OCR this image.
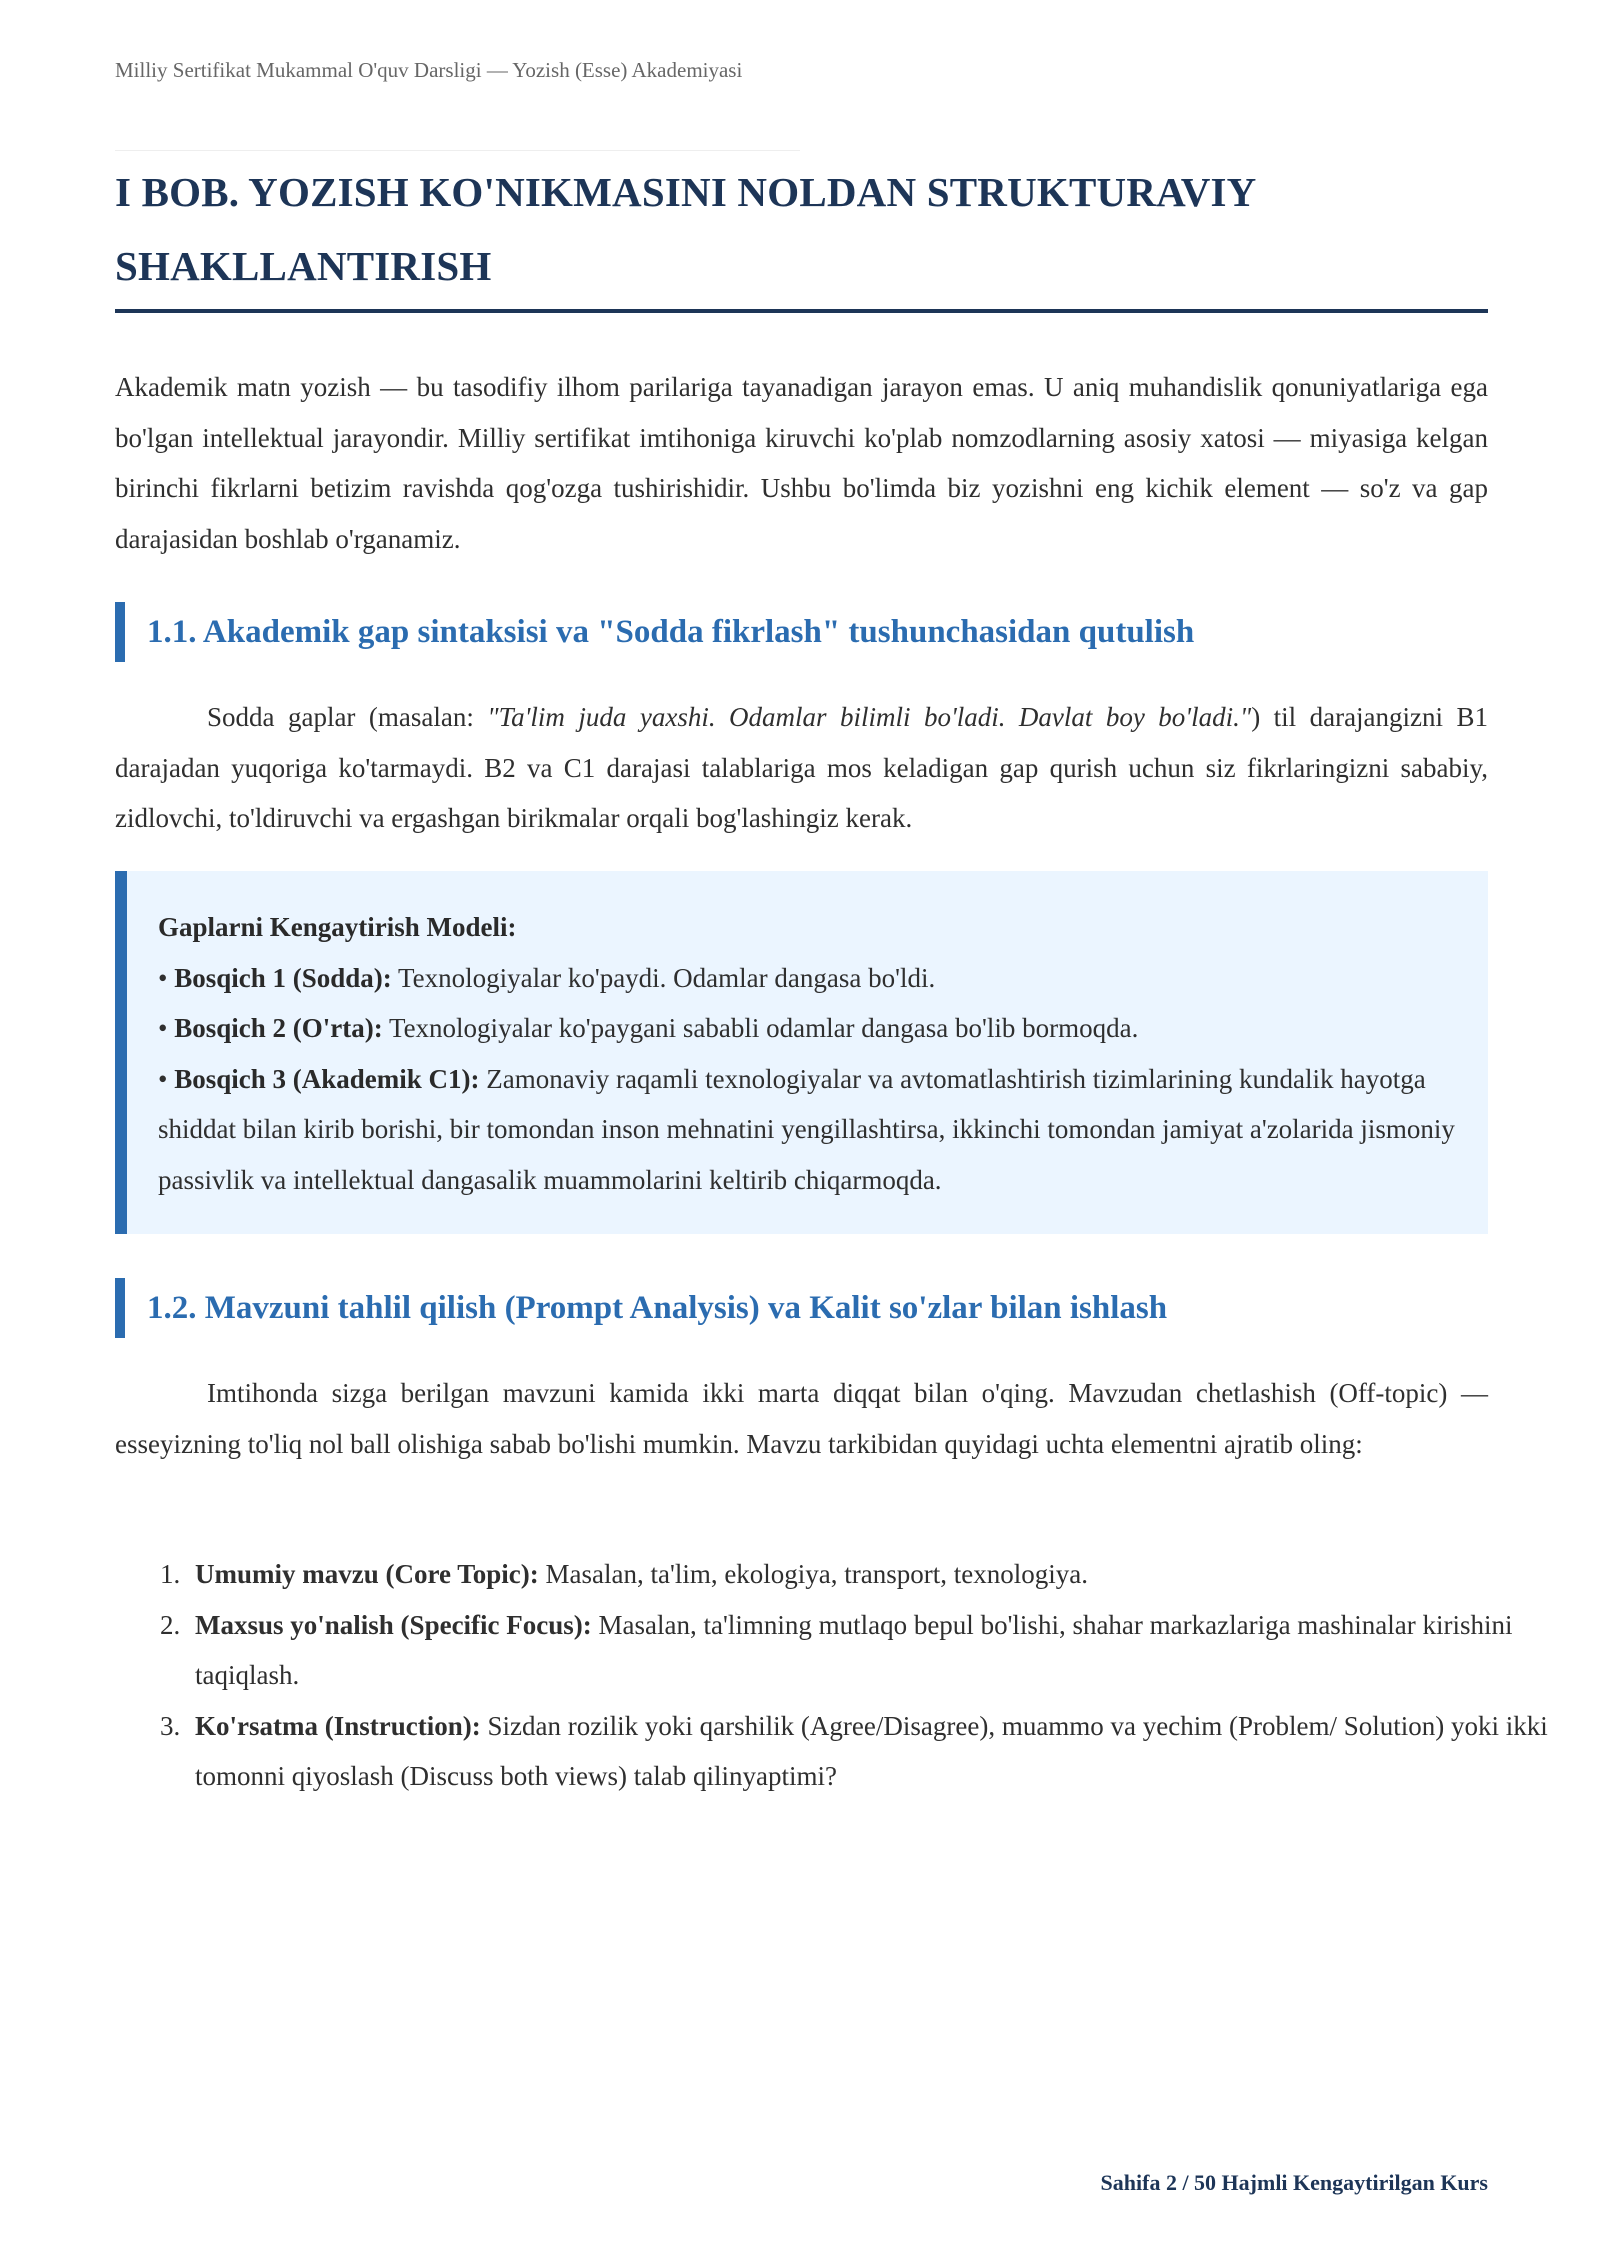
Milliy Sertifikat Mukammal O'quv Darsligi — Yozish (Esse) Akademiyasi
I BOB. YOZISH KO'NIKMASINI NOLDAN STRUKTURAVIY SHAKLLANTIRISH

Akademik matn yozish — bu tasodifiy ilhom parilariga tayanadigan jarayon emas. U aniq muhandislik qonuniyatlariga ega bo'lgan intellektual jarayondir. Milliy sertifikat imtihoniga kiruvchi ko'plab nomzodlarning asosiy xatosi — miyasiga kelgan birinchi fikrlarni betizim ravishda qog'ozga tushirishidir. Ushbu bo'limda biz yozishni eng kichik element — so'z va gap darajasidan boshlab o'rganamiz.

1.1. Akademik gap sintaksisi va "Sodda fikrlash" tushunchasidan qutulish

Sodda gaplar (masalan: "Ta'lim juda yaxshi. Odamlar bilimli bo'ladi. Davlat boy bo'ladi.") til darajangizni B1 darajadan yuqoriga ko'tarmaydi. B2 va C1 darajasi talablariga mos keladigan gap qurish uchun siz fikrlaringizni sababiy, zidlovchi, to'ldiruvchi va ergashgan birikmalar orqali bog'lashingiz kerak.

Gaplarni Kengaytirish Modeli:
• Bosqich 1 (Sodda): Texnologiyalar ko'paydi. Odamlar dangasa bo'ldi.
• Bosqich 2 (O'rta): Texnologiyalar ko'paygani sababli odamlar dangasa bo'lib bormoqda.
• Bosqich 3 (Akademik C1): Zamonaviy raqamli texnologiyalar va avtomatlashtirish tizimlarining kundalik hayotga shiddat bilan kirib borishi, bir tomondan inson mehnatini yengillashtirsa, ikkinchi tomondan jamiyat a'zolarida jismoniy passivlik va intellektual dangasalik muammolarini keltirib chiqarmoqda.
1.2. Mavzuni tahlil qilish (Prompt Analysis) va Kalit so'zlar bilan ishlash

Imtihonda sizga berilgan mavzuni kamida ikki marta diqqat bilan o'qing. Mavzudan chetlashish (Off-topic) — esseyizning to'liq nol ball olishiga sabab bo'lishi mumkin. Mavzu tarkibidan quyidagi uchta elementni ajratib oling:

1. Umumiy mavzu (Core Topic): Masalan, ta'lim, ekologiya, transport, texnologiya.
2. Maxsus yo'nalish (Specific Focus): Masalan, ta'limning mutlaqo bepul bo'lishi, shahar markazlariga mashinalar kirishini taqiqlash.
3. Ko'rsatma (Instruction): Sizdan rozilik yoki qarshilik (Agree/Disagree), muammo va yechim (Problem/ Solution) yoki ikki tomonni qiyoslash (Discuss both views) talab qilinyaptimi?
Sahifa 2 / 50 Hajmli Kengaytirilgan Kurs
